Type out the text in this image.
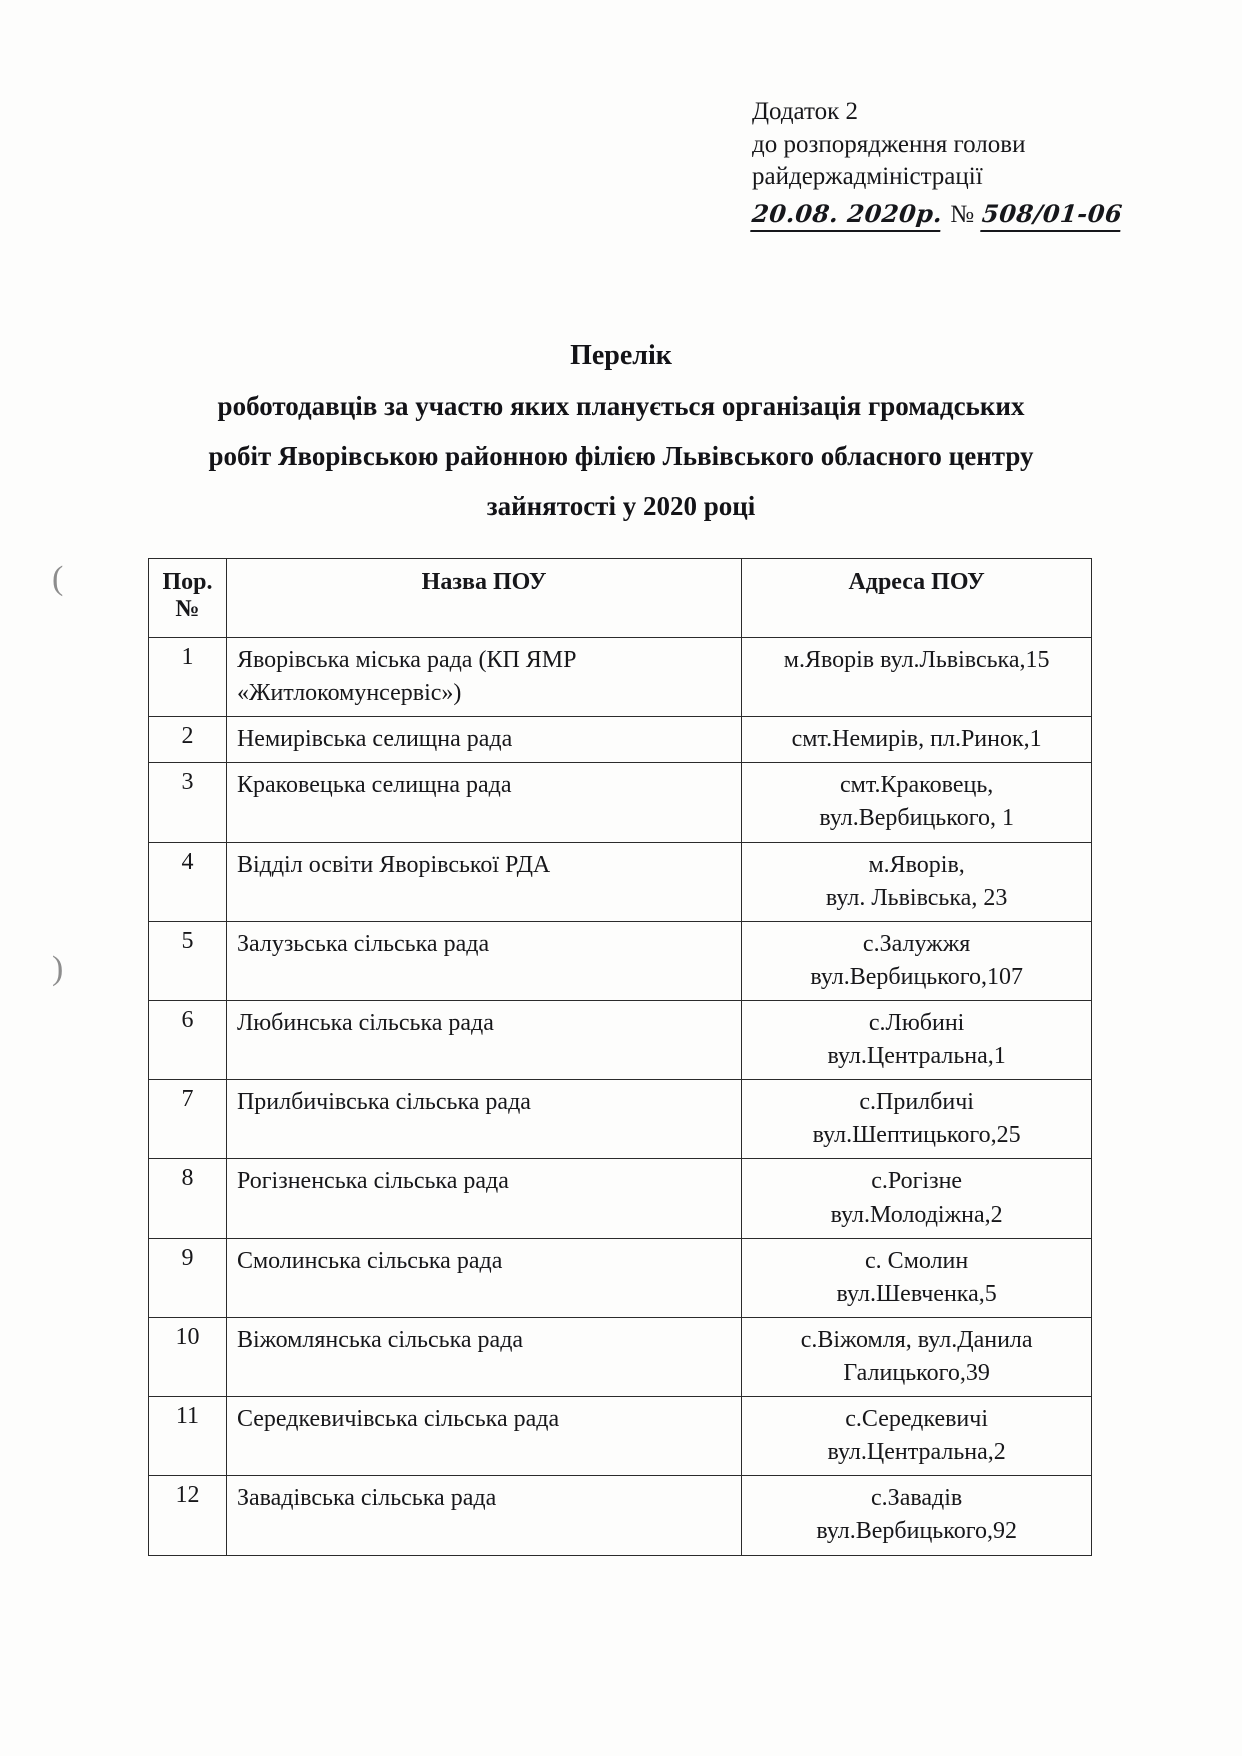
Додаток 2
до розпорядження голови
райдержадміністрації
20.08. 2020р. № 508/01-06
Перелік
роботодавців за участю яких планується організація громадських
робіт Яворівською районною філією Львівського обласного центру
зайнятості у 2020 році
(
)
Пор.
№	Назва ПОУ	Адреса ПОУ
1	Яворівська міська рада (КП ЯМР «Житлокомунсервіс»)	м.Яворів вул.Львівська,15

2	Немирівська селищна рада	смт.Немирів, пл.Ринок,1

3	Краковецька селищна рада	смт.Краковець,
вул.Вербицького, 1

4	Відділ освіти Яворівської РДА	м.Яворів,
вул. Львівська, 23

5	Залузьська сільська рада	с.Залужжя
вул.Вербицького,107

6	Любинська сільська рада	с.Любині
вул.Центральна,1

7	Прилбичівська сільська рада	с.Прилбичі
вул.Шептицького,25

8	Рогізненська сільська рада	с.Рогізне
вул.Молодіжна,2

9	Смолинська сільська рада	с. Смолин
вул.Шевченка,5

10	Віжомлянська сільська рада	с.Віжомля, вул.Данила
Галицького,39

11	Середкевичівська сільська рада	с.Середкевичі
вул.Центральна,2

12	Завадівська сільська рада	с.Завадів
вул.Вербицького,92
